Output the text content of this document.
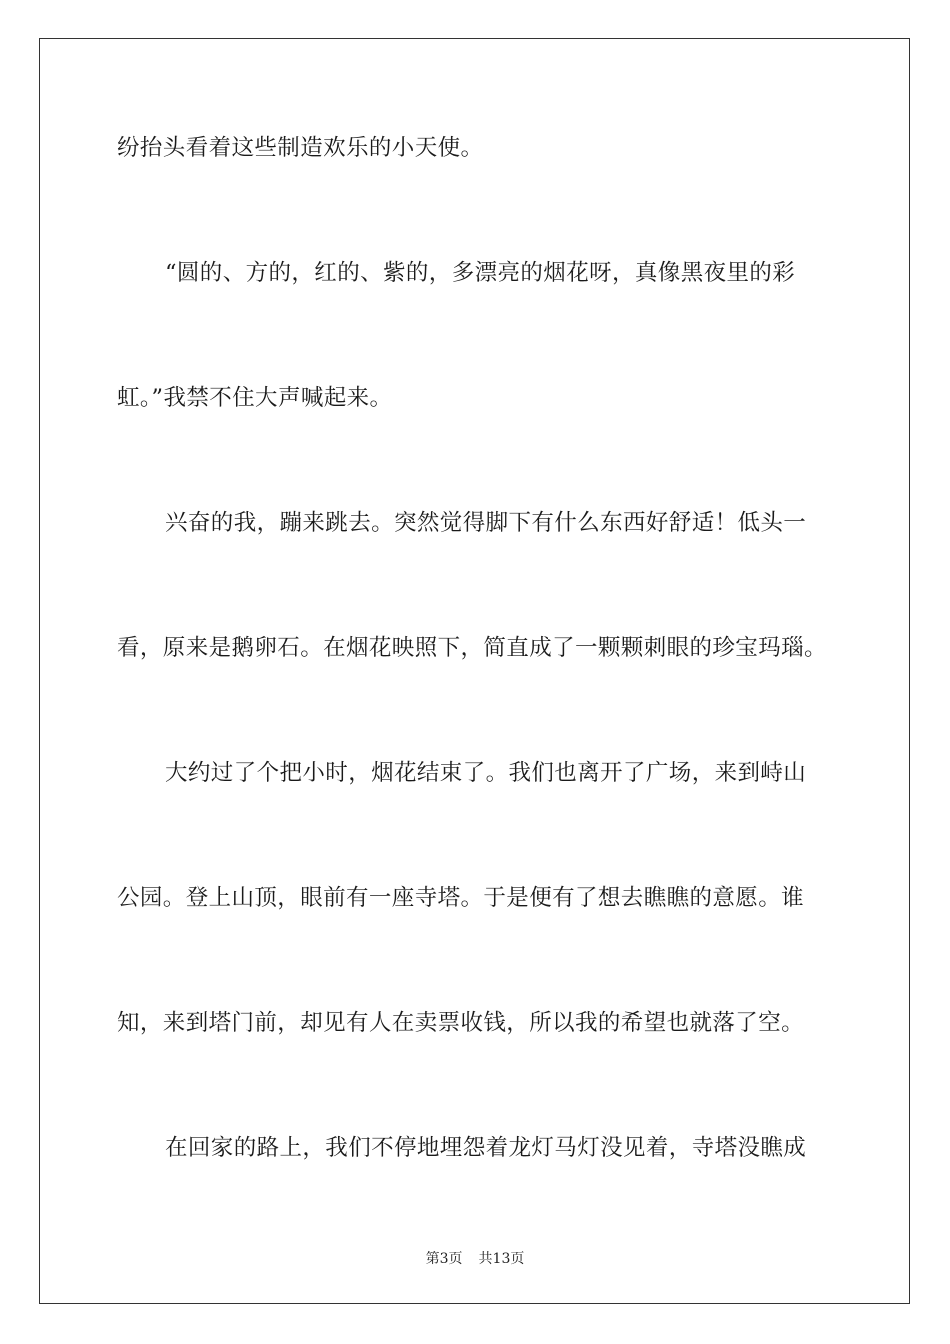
纷抬头看着这些制造欢乐的小天使。
“圆的、方的，红的、紫的，多漂亮的烟花呀，真像黑夜里的彩
虹。”我禁不住大声喊起来。
兴奋的我，蹦来跳去。突然觉得脚下有什么东西好舒适！低头一
看，原来是鹅卵石。在烟花映照下，简直成了一颗颗刺眼的珍宝玛瑙。
大约过了个把小时，烟花结束了。我们也离开了广场，来到峙山
公园。登上山顶，眼前有一座寺塔。于是便有了想去瞧瞧的意愿。谁
知，来到塔门前，却见有人在卖票收钱，所以我的希望也就落了空。
在回家的路上，我们不停地埋怨着龙灯马灯没见着，寺塔没瞧成
第3页 共13页
